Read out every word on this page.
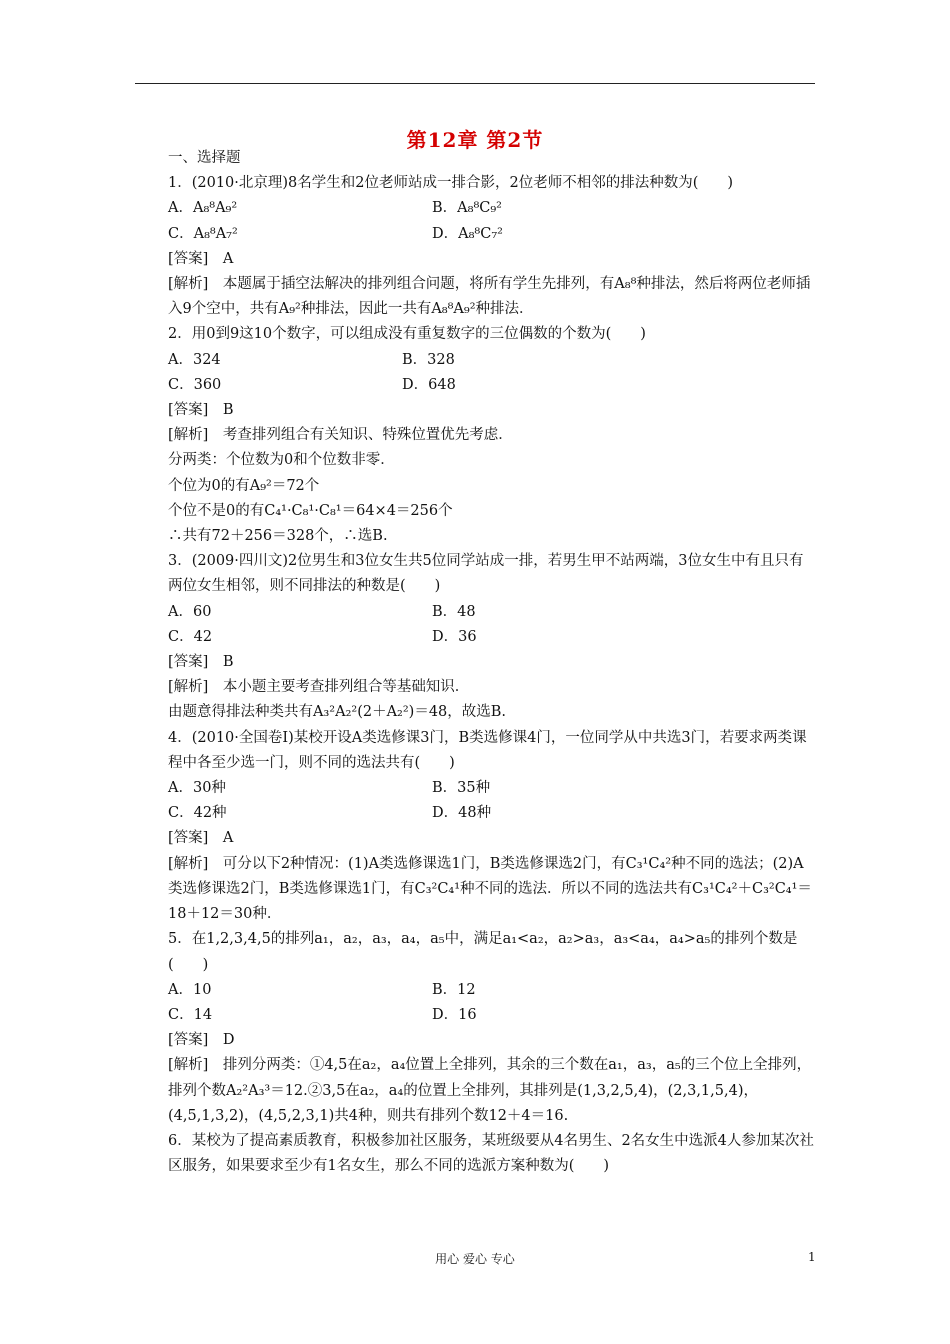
第12章 第2节

一、选择题

1．(2010·北京理)8名学生和2位老师站成一排合影，2位老师不相邻的排法种数为(　　)

A．A₈⁸A₉²	B．A₈⁸C₉²
C．A₈⁸A₇²	D．A₈⁸C₇²

[答案]　A

[解析]　本题属于插空法解决的排列组合问题，将所有学生先排列，有A₈⁸种排法，然后将两位老师插入9个空中，共有A₉²种排法，因此一共有A₈⁸A₉²种排法．

2．用0到9这10个数字，可以组成没有重复数字的三位偶数的个数为(　　)

A．324	B．328
C．360	D．648

[答案]　B

[解析]　考查排列组合有关知识、特殊位置优先考虑．

分两类：个位数为0和个位数非零．

个位为0的有A₉²＝72个

个位不是0的有C₄¹·C₈¹·C₈¹＝64×4＝256个

∴共有72＋256＝328个，∴选B.

3．(2009·四川文)2位男生和3位女生共5位同学站成一排，若男生甲不站两端，3位女生中有且只有两位女生相邻，则不同排法的种数是(　　)

A．60	B．48
C．42	D．36

[答案]　B

[解析]　本小题主要考查排列组合等基础知识．

由题意得排法种类共有A₃²A₂²(2＋A₂²)＝48，故选B.

4．(2010·全国卷Ⅰ)某校开设A类选修课3门，B类选修课4门，一位同学从中共选3门，若要求两类课程中各至少选一门，则不同的选法共有(　　)

A．30种	B．35种
C．42种	D．48种

[答案]　A

[解析]　可分以下2种情况：(1)A类选修课选1门，B类选修课选2门，有C₃¹C₄²种不同的选法；(2)A类选修课选2门，B类选修课选1门，有C₃²C₄¹种不同的选法．所以不同的选法共有C₃¹C₄²＋C₃²C₄¹＝18＋12＝30种．

5．在1,2,3,4,5的排列a₁，a₂，a₃，a₄，a₅中，满足a₁<a₂，a₂>a₃，a₃<a₄，a₄>a₅的排列个数是(　　)

A．10	B．12
C．14	D．16

[答案]　D

[解析]　排列分两类：①4,5在a₂，a₄位置上全排列，其余的三个数在a₁，a₃，a₅的三个位上全排列，排列个数A₂²A₃³＝12.②3,5在a₂，a₄的位置上全排列，其排列是(1,3,2,5,4)，(2,3,1,5,4)，(4,5,1,3,2)，(4,5,2,3,1)共4种，则共有排列个数12＋4＝16.

6．某校为了提高素质教育，积极参加社区服务，某班级要从4名男生、2名女生中选派4人参加某次社区服务，如果要求至少有1名女生，那么不同的选派方案种数为(　　)

用心 爱心 专心	1
